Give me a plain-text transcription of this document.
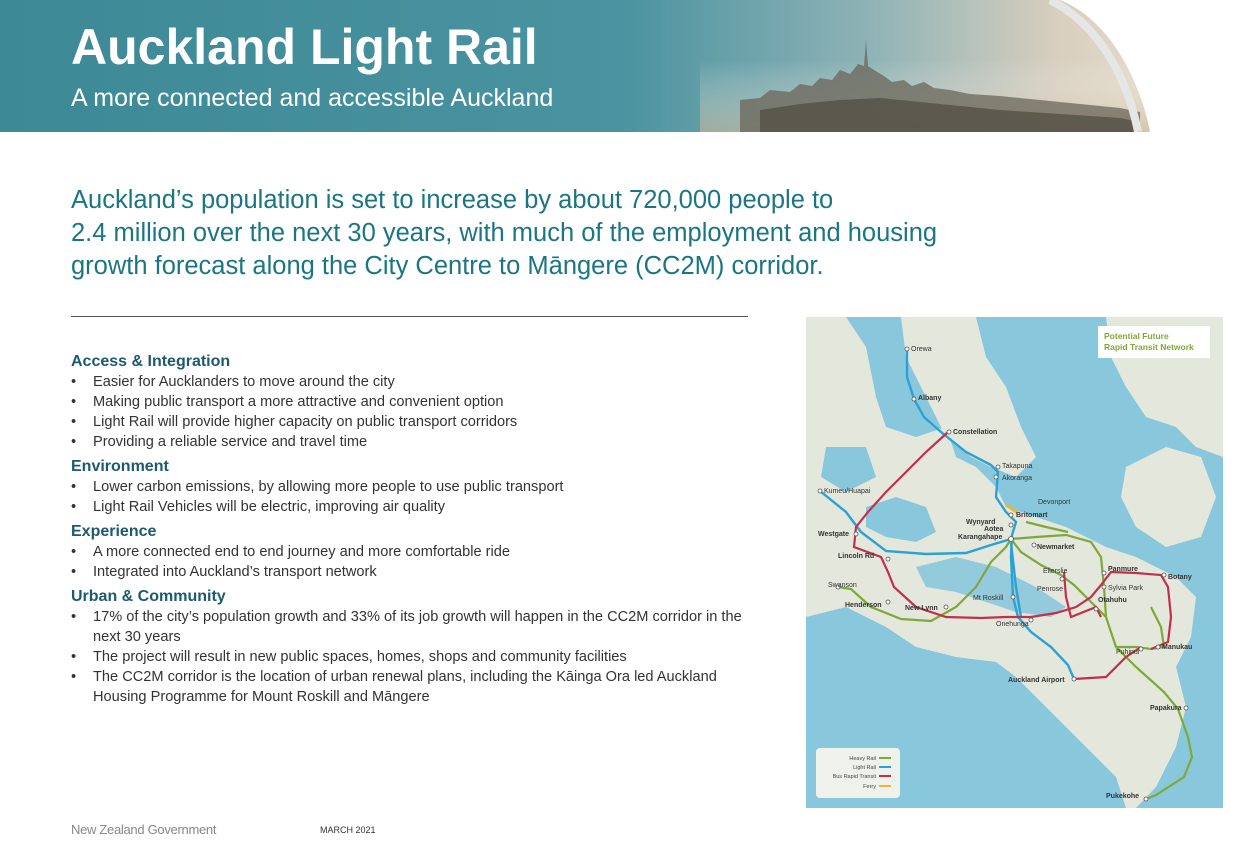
Auckland Light Rail
A more connected and accessible Auckland
Auckland’s population is set to increase by about 720,000 people to
2.4 million over the next 30 years, with much of the employment and housing
growth forecast along the City Centre to Māngere (CC2M) corridor.
Access & Integration
• Easier for Aucklanders to move around the city
• Making public transport a more attractive and convenient option
• Light Rail will provide higher capacity on public transport corridors
• Providing a reliable service and travel time
Environment
• Lower carbon emissions, by allowing more people to use public transport
• Light Rail Vehicles will be electric, improving air quality
Experience
• A more connected end to end journey and more comfortable ride
• Integrated into Auckland’s transport network
Urban & Community
• 17% of the city’s population growth and 33% of its job growth will happen in the CC2M corridor in the next 30 years
• The project will result in new public spaces, homes, shops and community facilities
• The CC2M corridor is the location of urban renewal plans, including the Kāinga Ora led Auckland Housing Programme for Mount Roskill and Māngere
Potential Future
Rapid Transit Network
Orewa
Albany
Constellation
Takapuna
Akoranga
Kumeu/Huapai
Devonport
Britomart
Wynyard
Aotea
Karangahape
Westgate
Newmarket
Lincoln Rd
Panmure
Botany
Ellerslie
Sylvia Park
Penrose
Swanson
Henderson	New Lynn
Mt Roskill	Otahuhu
Onehunga
Manukau
Puhinui
Auckland Airport
Papakura
Pukekohe
Heavy Rail
Light Rail
Bus Rapid Transit
Ferry
New Zealand Government	MARCH 2021
